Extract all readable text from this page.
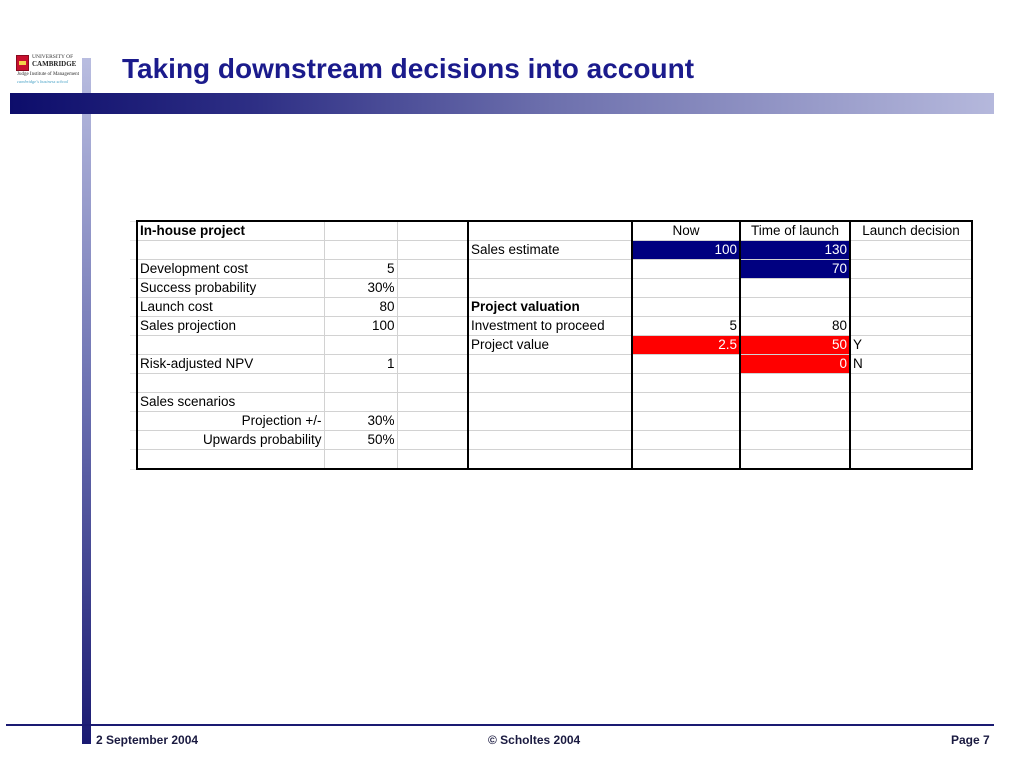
UNIVERSITY OF
CAMBRIDGE
Judge Institute of Management
cambridge's business school Taking downstream decisions into account
	In-house project				Now	Time of launch	Launch decision
				Sales estimate	100	130	
	Development cost	5				70	
	Success probability	30%					
	Launch cost	80		Project valuation			
	Sales projection	100		Investment to proceed	5	80	
				Project value	2.5	50	Y
	Risk-adjusted NPV	1				0	N

	Sales scenarios						
	Projection +/-	30%					
	Upwards probability	50%					

2 September 2004	© Scholtes 2004	Page 7
